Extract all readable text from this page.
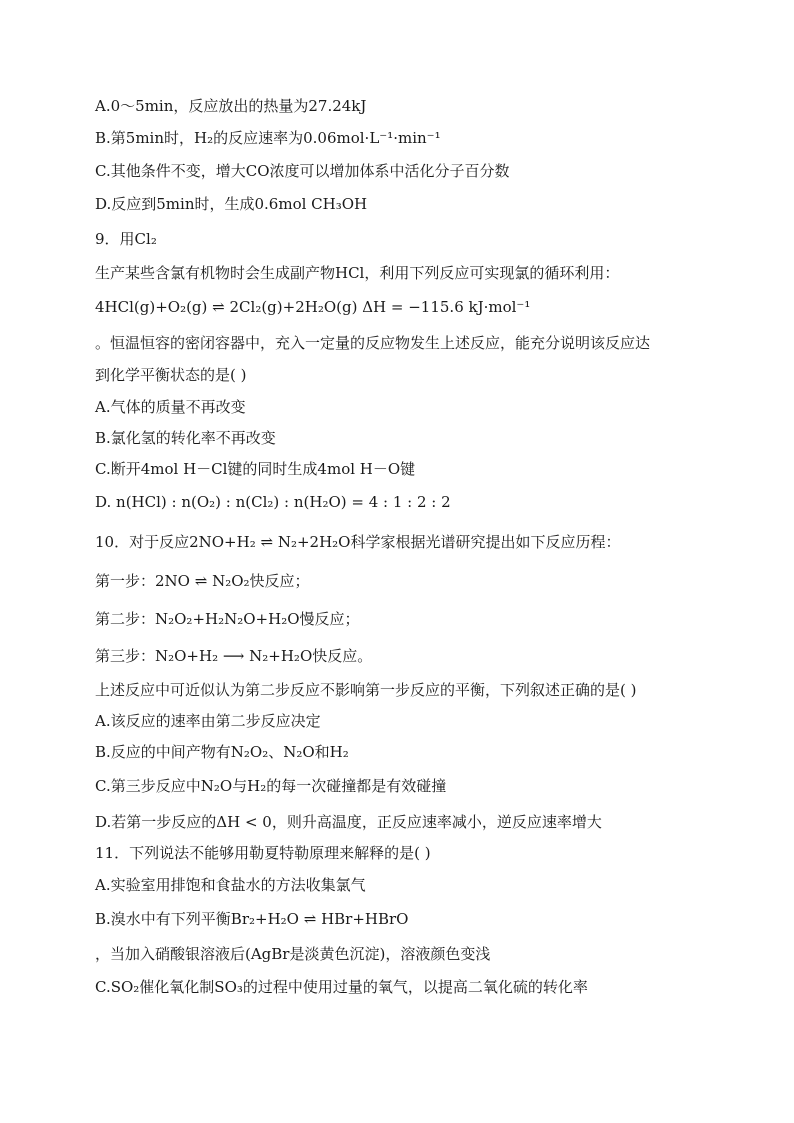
A.0～5min，反应放出的热量为27.24kJ
B.第5min时，H₂的反应速率为0.06mol·L⁻¹·min⁻¹
C.其他条件不变，增大CO浓度可以增加体系中活化分子百分数
D.反应到5min时，生成0.6mol CH₃OH
9．用Cl₂
生产某些含氯有机物时会生成副产物HCl，利用下列反应可实现氯的循环利用：
4HCl(g)+O₂(g) ⇌ 2Cl₂(g)+2H₂O(g) ΔH = −115.6 kJ·mol⁻¹
。恒温恒容的密闭容器中，充入一定量的反应物发生上述反应，能充分说明该反应达
到化学平衡状态的是( )
A.气体的质量不再改变
B.氯化氢的转化率不再改变
C.断开4mol H－Cl键的同时生成4mol H－O键
D. n(HCl) : n(O₂) : n(Cl₂) : n(H₂O) = 4 : 1 : 2 : 2
10．对于反应2NO+H₂ ⇌ N₂+2H₂O科学家根据光谱研究提出如下反应历程：
第一步：2NO ⇌ N₂O₂快反应；
第二步：N₂O₂+H₂N₂O+H₂O慢反应；
第三步：N₂O+H₂ ⟶ N₂+H₂O快反应。
上述反应中可近似认为第二步反应不影响第一步反应的平衡，下列叙述正确的是( )
A.该反应的速率由第二步反应决定
B.反应的中间产物有N₂O₂、N₂O和H₂
C.第三步反应中N₂O与H₂的每一次碰撞都是有效碰撞
D.若第一步反应的ΔH < 0，则升高温度，正反应速率减小，逆反应速率增大
11．下列说法不能够用勒夏特勒原理来解释的是( )
A.实验室用排饱和食盐水的方法收集氯气
B.溴水中有下列平衡Br₂+H₂O ⇌ HBr+HBrO
，当加入硝酸银溶液后(AgBr是淡黄色沉淀)，溶液颜色变浅
C.SO₂催化氧化制SO₃的过程中使用过量的氧气，以提高二氧化硫的转化率
